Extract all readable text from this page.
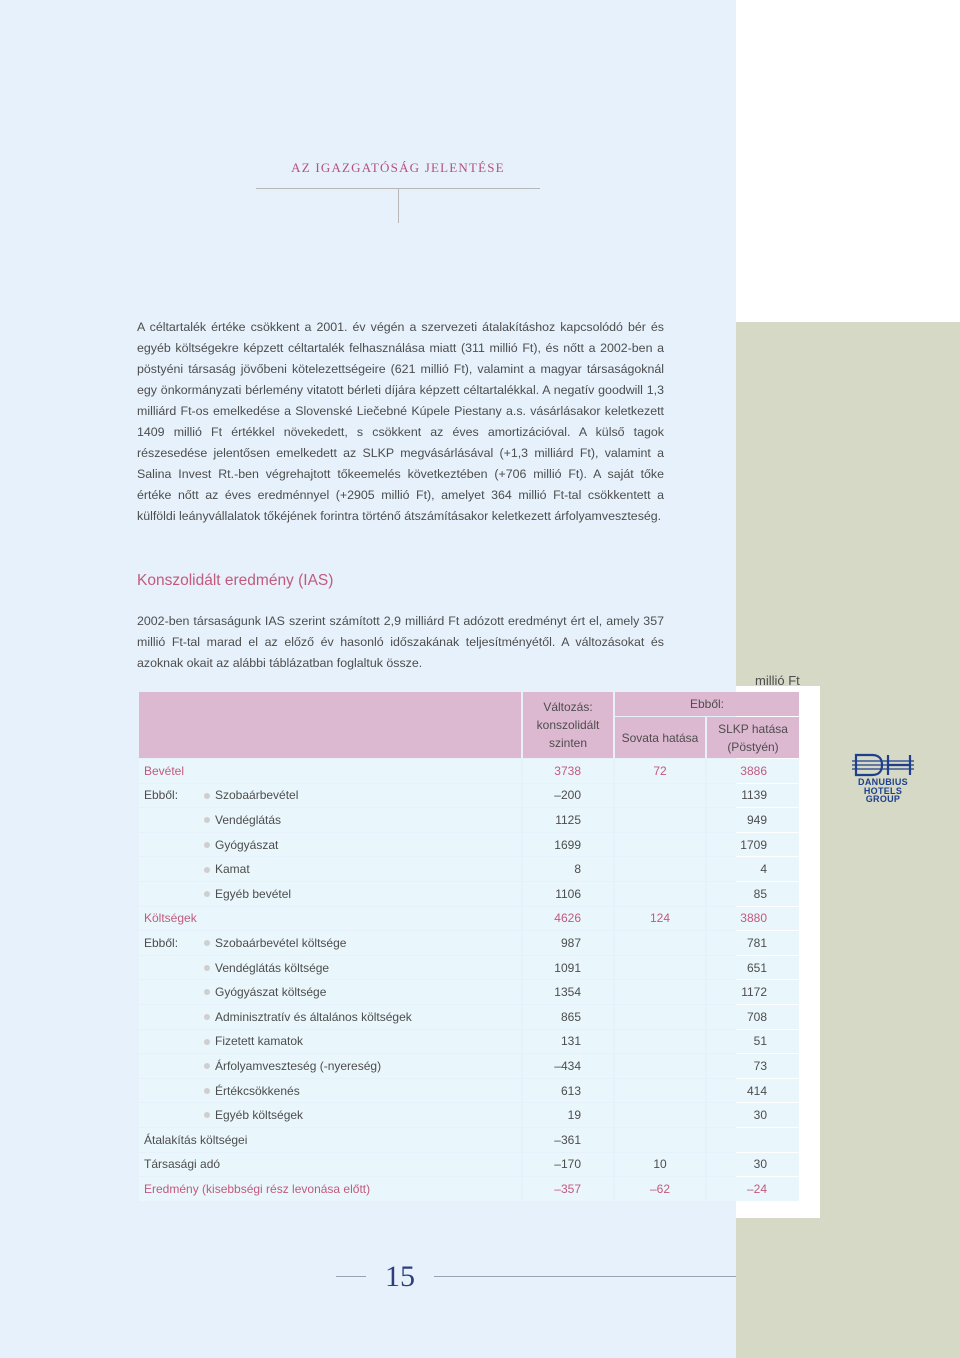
AZ IGAZGATÓSÁG JELENTÉSE

A céltartalék értéke csökkent a 2001. év végén a szervezeti átalakításhoz kapcsolódó bér és egyéb költségekre képzett céltartalék felhasználása miatt (311 millió Ft), és nőtt a 2002-ben a pöstyéni társaság jövőbeni kötelezettségeire (621 millió Ft), valamint a magyar társaságoknál egy önkormányzati bérlemény vitatott bérleti díjára képzett céltartalékkal. A negatív goodwill 1,3 milliárd Ft-os emelkedése a Slovenské Liečebné Kúpele Piestany a.s. vásárlásakor keletkezett 1409 millió Ft értékkel növekedett, s csökkent az éves amortizációval. A külső tagok részesedése jelentősen emelkedett az SLKP megvásárlásával (+1,3 milliárd Ft), valamint a Salina Invest Rt.-ben végrehajtott tőkeemelés következtében (+706 millió Ft). A saját tőke értéke nőtt az éves eredménnyel (+2905 millió Ft), amelyet 364 millió Ft-tal csökkentett a külföldi leányvállalatok tőkéjének forintra történő átszámításakor keletkezett árfolyamveszteség.

Konszolidált eredmény (IAS)

2002-ben társaságunk IAS szerint számított 2,9 milliárd Ft adózott eredményt ért el, amely 357 millió Ft-tal marad el az előző év hasonló időszakának teljesítményétől. A változásokat és azoknak okait az alábbi táblázatban foglaltuk össze.

millió Ft

	Változás:
konszolidált
szinten	Ebből:	
		Sovata hatása	SLKP hatása
(Pöstyén)

Bevétel	3738	72	3886
Ebből: Szobaárbevétel	–200		1139
Vendéglátás	1125		949
Gyógyászat	1699		1709
Kamat	8		4
Egyéb bevétel	1106		85
Költségek	4626	124	3880
Ebből: Szobaárbevétel költsége	987		781
Vendéglátás költsége	1091		651
Gyógyászat költsége	1354		1172
Adminisztratív és általános költségek	865		708
Fizetett kamatok	131		51
Árfolyamveszteség (-nyereség)	–434		73
Értékcsökkenés	613		414
Egyéb költségek	19		30
Átalakítás költségei	–361		
Társasági adó	–170	10	30
Eredmény (kisebbségi rész levonása előtt)	–357	–62	–24
DANUBIUS
HOTELS
GROUP
15
